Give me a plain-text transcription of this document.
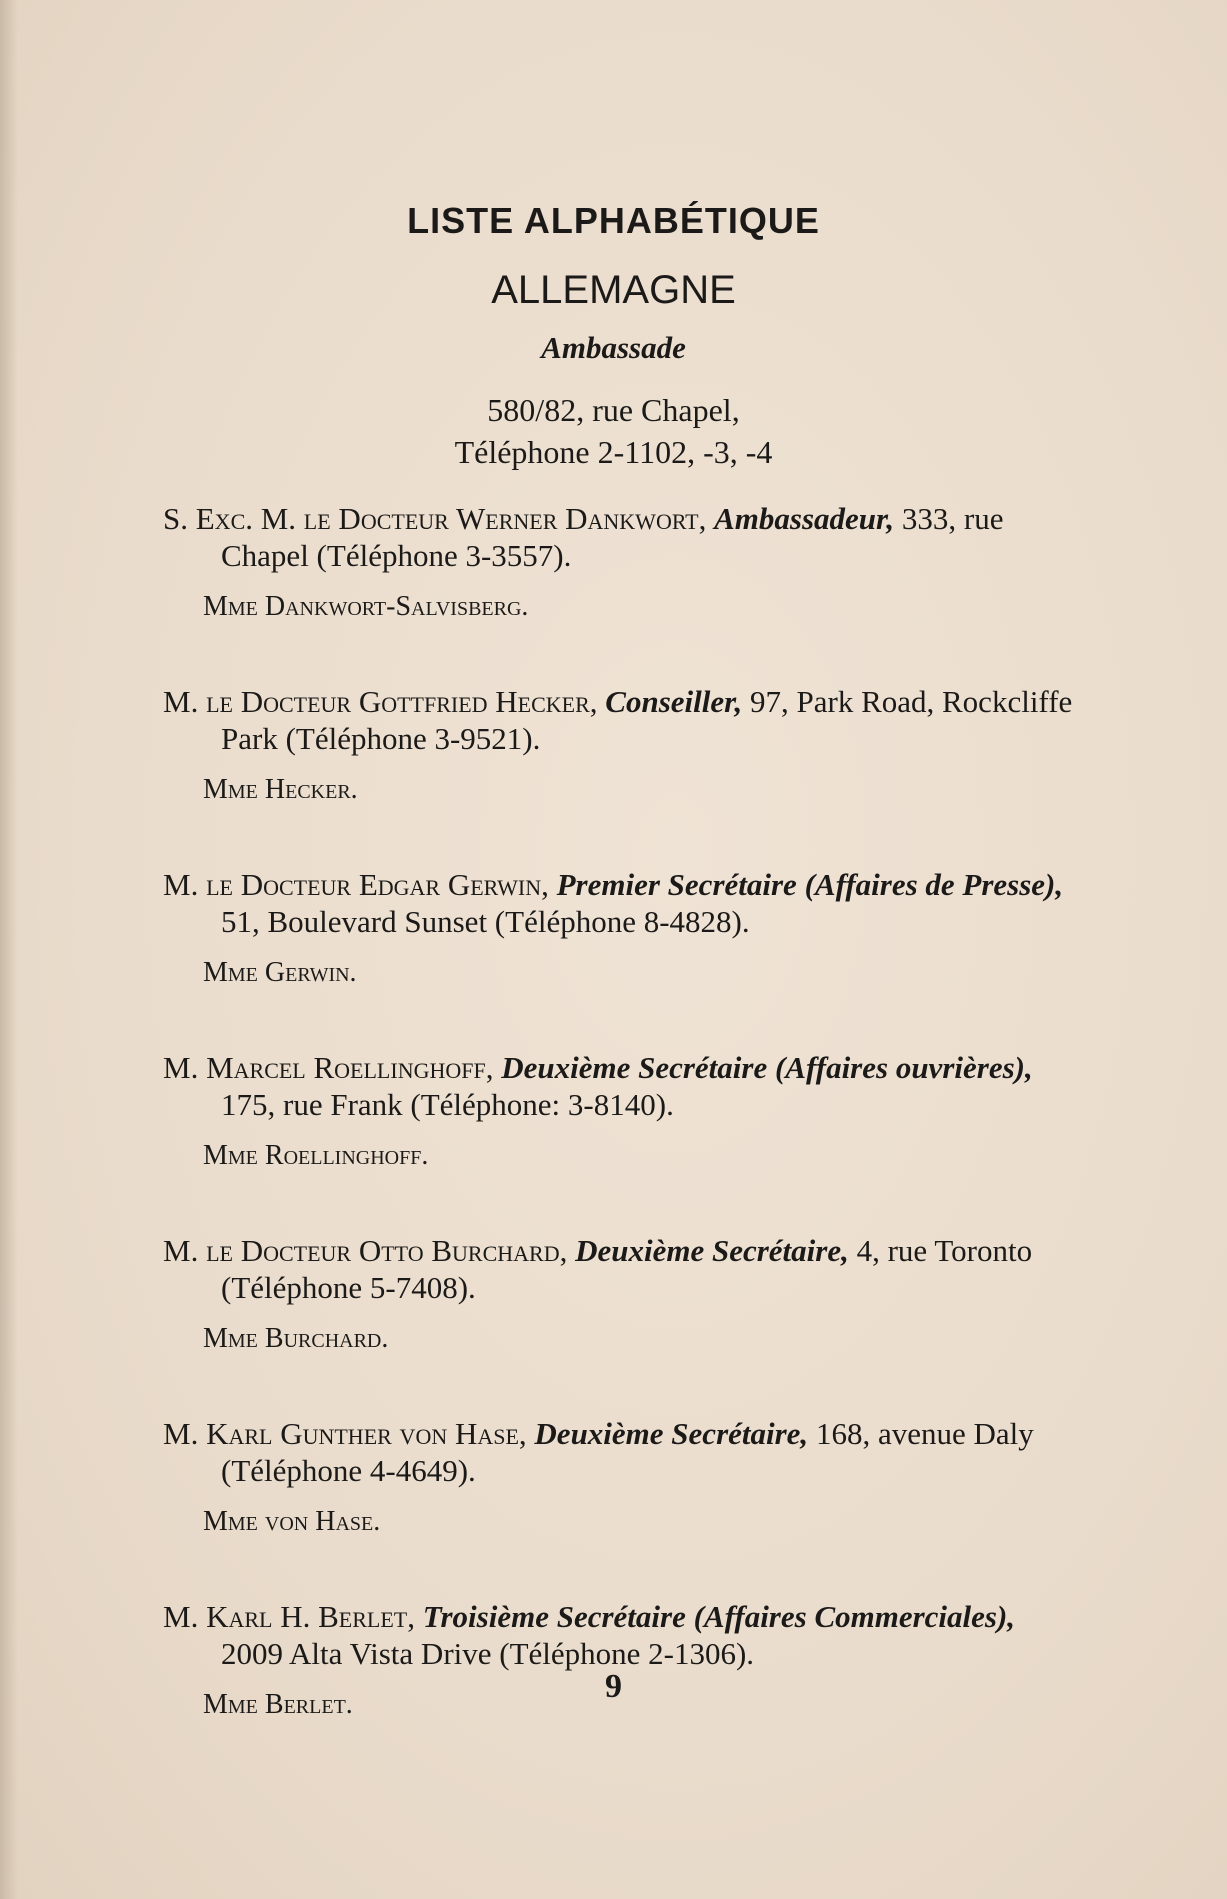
LISTE ALPHABÉTIQUE
ALLEMAGNE
Ambassade
580/82, rue Chapel,
Téléphone 2-1102, -3, -4
S. Exc. M. le Docteur Werner Dankwort, Ambassadeur, 333, rue Chapel (Téléphone 3-3557).
Mme Dankwort-Salvisberg.
M. le Docteur Gottfried Hecker, Conseiller, 97, Park Road, Rockcliffe Park (Téléphone 3-9521).
Mme Hecker.
M. le Docteur Edgar Gerwin, Premier Secrétaire (Affaires de Presse), 51, Boulevard Sunset (Téléphone 8-4828).
Mme Gerwin.
M. Marcel Roellinghoff, Deuxième Secrétaire (Affaires ouvrières), 175, rue Frank (Téléphone: 3-8140).
Mme Roellinghoff.
M. le Docteur Otto Burchard, Deuxième Secrétaire, 4, rue Toronto (Téléphone 5-7408).
Mme Burchard.
M. Karl Gunther von Hase, Deuxième Secrétaire, 168, avenue Daly (Téléphone 4-4649).
Mme von Hase.
M. Karl H. Berlet, Troisième Secrétaire (Affaires Commerciales), 2009 Alta Vista Drive (Téléphone 2-1306).
Mme Berlet.	9
